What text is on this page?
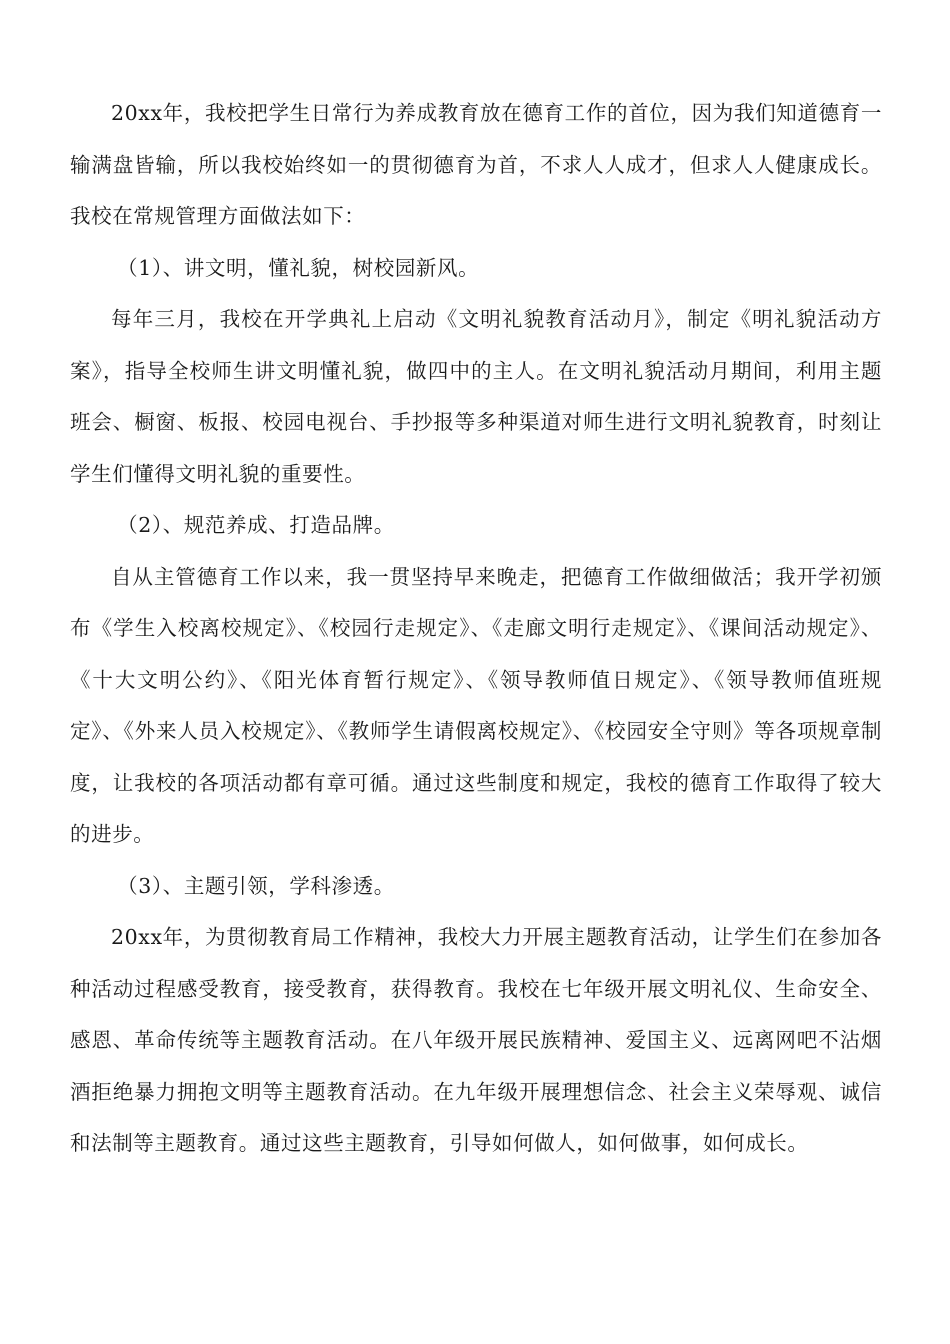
20xx年，我校把学生日常行为养成教育放在德育工作的首位，因为我们知道德育一输满盘皆输，所以我校始终如一的贯彻德育为首，不求人人成才，但求人人健康成长。我校在常规管理方面做法如下：

（1）、讲文明，懂礼貌，树校园新风。

每年三月，我校在开学典礼上启动《文明礼貌教育活动月》，制定《明礼貌活动方案》，指导全校师生讲文明懂礼貌，做四中的主人。在文明礼貌活动月期间，利用主题班会、橱窗、板报、校园电视台、手抄报等多种渠道对师生进行文明礼貌教育，时刻让学生们懂得文明礼貌的重要性。

（2）、规范养成、打造品牌。

自从主管德育工作以来，我一贯坚持早来晚走，把德育工作做细做活；我开学初颁布《学生入校离校规定》、《校园行走规定》、《走廊文明行走规定》、《课间活动规定》、《十大文明公约》、《阳光体育暂行规定》、《领导教师值日规定》、《领导教师值班规定》、《外来人员入校规定》、《教师学生请假离校规定》、《校园安全守则》等各项规章制度，让我校的各项活动都有章可循。通过这些制度和规定，我校的德育工作取得了较大的进步。

（3）、主题引领，学科渗透。

20xx年，为贯彻教育局工作精神，我校大力开展主题教育活动，让学生们在参加各种活动过程感受教育，接受教育，获得教育。我校在七年级开展文明礼仪、生命安全、感恩、革命传统等主题教育活动。在八年级开展民族精神、爱国主义、远离网吧不沾烟酒拒绝暴力拥抱文明等主题教育活动。在九年级开展理想信念、社会主义荣辱观、诚信和法制等主题教育。通过这些主题教育，引导如何做人，如何做事，如何成长。
